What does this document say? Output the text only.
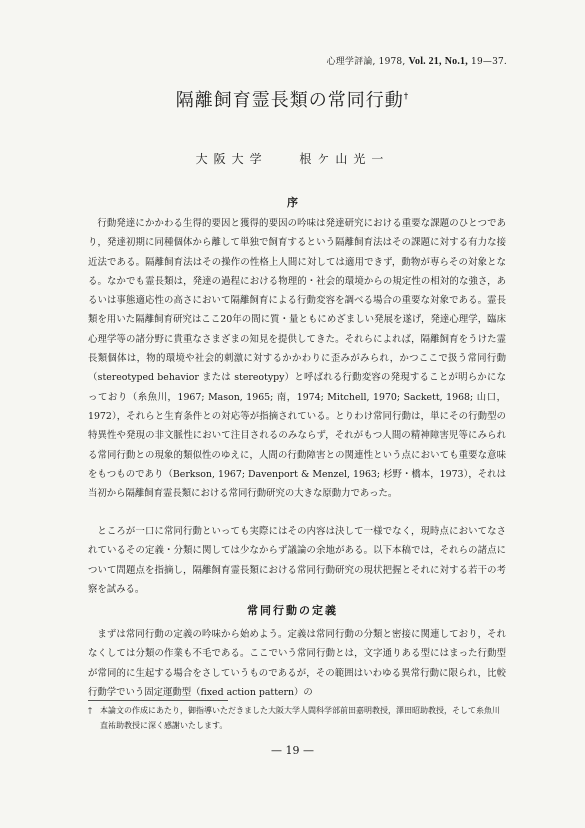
心理学評論, 1978, Vol. 21, No.1, 19—37.
隔離飼育霊長類の常同行動†
大阪大学	根ケ山光一
序

行動発達にかかわる生得的要因と獲得的要因の吟味は発達研究における重要な課題のひとつであり，発達初期に同種個体から離して単独で飼育するという隔離飼育法はその課題に対する有力な接近法である。隔離飼育法はその操作の性格上人間に対しては適用できず，動物が専らその対象となる。なかでも霊長類は，発達の過程における物理的・社会的環境からの規定性の相対的な強さ，あるいは事態適応性の高さにおいて隔離飼育による行動変容を調べる場合の重要な対象である。霊長類を用いた隔離飼育研究はここ20年の間に質・量ともにめざましい発展を遂げ，発達心理学，臨床心理学等の諸分野に貴重なさまざまの知見を提供してきた。それらによれば，隔離飼育をうけた霊長類個体は，物的環境や社会的刺激に対するかかわりに歪みがみられ，かつここで扱う常同行動（stereotyped behavior または stereotypy）と呼ばれる行動変容の発現することが明らかになっており（糸魚川，1967; Mason, 1965; 南，1974; Mitchell, 1970; Sackett, 1968; 山口，1972），それらと生育条件との対応等が指摘されている。とりわけ常同行動は，単にその行動型の特異性や発現の非文脈性において注目されるのみならず，それがもつ人間の精神障害児等にみられる常同行動との現象的類似性のゆえに，人間の行動障害との関連性という点においても重要な意味をもつものであり（Berkson, 1967; Davenport & Menzel, 1963; 杉野・橋本，1973），それは当初から隔離飼育霊長類における常同行動研究の大きな原動力であった。

ところが一口に常同行動といっても実際にはその内容は決して一様でなく，現時点においてなされているその定義・分類に関しては少なからず議論の余地がある。以下本稿では，それらの諸点について問題点を指摘し，隔離飼育霊長類における常同行動研究の現状把握とそれに対する若干の考察を試みる。

常同行動の定義

まずは常同行動の定義の吟味から始めよう。定義は常同行動の分類と密接に関連しており，それなくしては分類の作業も不毛である。ここでいう常同行動とは，文字通りある型にはまった行動型が常同的に生起する場合をさしていうものであるが，その範囲はいわゆる異常行動に限られ，比較行動学でいう固定運動型（fixed action pattern）の

† 本論文の作成にあたり，御指導いただきました大阪大学人間科学部前田嘉明教授，澤田昭助教授，そして糸魚川直祐助教授に深く感謝いたします。

— 19 —
